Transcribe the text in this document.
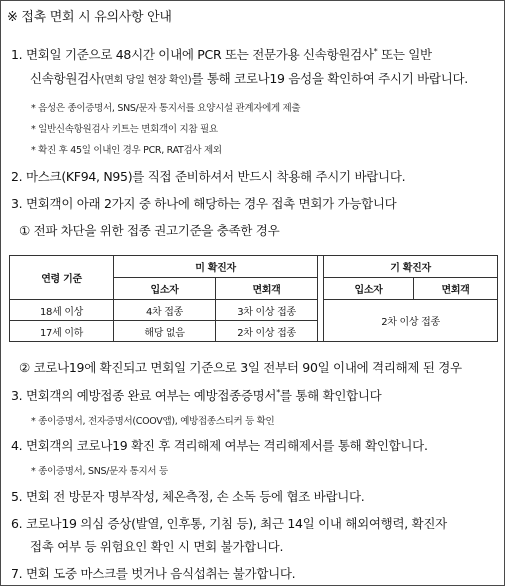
※ 접촉 면회 시 유의사항 안내
1. 면회일 기준으로 48시간 이내에 PCR 또는 전문가용 신속항원검사* 또는 일반
신속항원검사(면회 당일 현장 확인)를 통해 코로나19 음성을 확인하여 주시기 바랍니다.
* 음성은 종이증명서, SNS/문자 통지서를 요양시설 관계자에게 제출
* 일반신속항원검사 키트는 면회객이 지참 필요
* 확진 후 45일 이내인 경우 PCR, RAT검사 제외
2. 마스크(KF94, N95)를 직접 준비하셔서 반드시 착용해 주시기 바랍니다.
3. 면회객이 아래 2가지 중 하나에 해당하는 경우 접촉 면회가 가능합니다
① 전파 차단을 위한 접종 권고기준을 충족한 경우
연령 기준	미 확진자			기 확진자	
	입소자	면회객		입소자	면회객
18세 이상	4차 접종	3차 이상 접종		2차 이상 접종	
17세 이하	해당 없음	2차 이상 접종			
② 코로나19에 확진되고 면회일 기준으로 3일 전부터 90일 이내에 격리해제 된 경우
3. 면회객의 예방접종 완료 여부는 예방접종증명서*를 통해 확인합니다
* 종이증명서, 전자증명서(COOV앱), 예방접종스티커 등 확인
4. 면회객의 코로나19 확진 후 격리해제 여부는 격리해제서를 통해 확인합니다.
* 종이증명서, SNS/문자 통지서 등
5. 면회 전 방문자 명부작성, 체온측정, 손 소독 등에 협조 바랍니다.
6. 코로나19 의심 증상(발열, 인후통, 기침 등), 최근 14일 이내 해외여행력, 확진자
접촉 여부 등 위험요인 확인 시 면회 불가합니다.
7. 면회 도중 마스크를 벗거나 음식섭취는 불가합니다.
